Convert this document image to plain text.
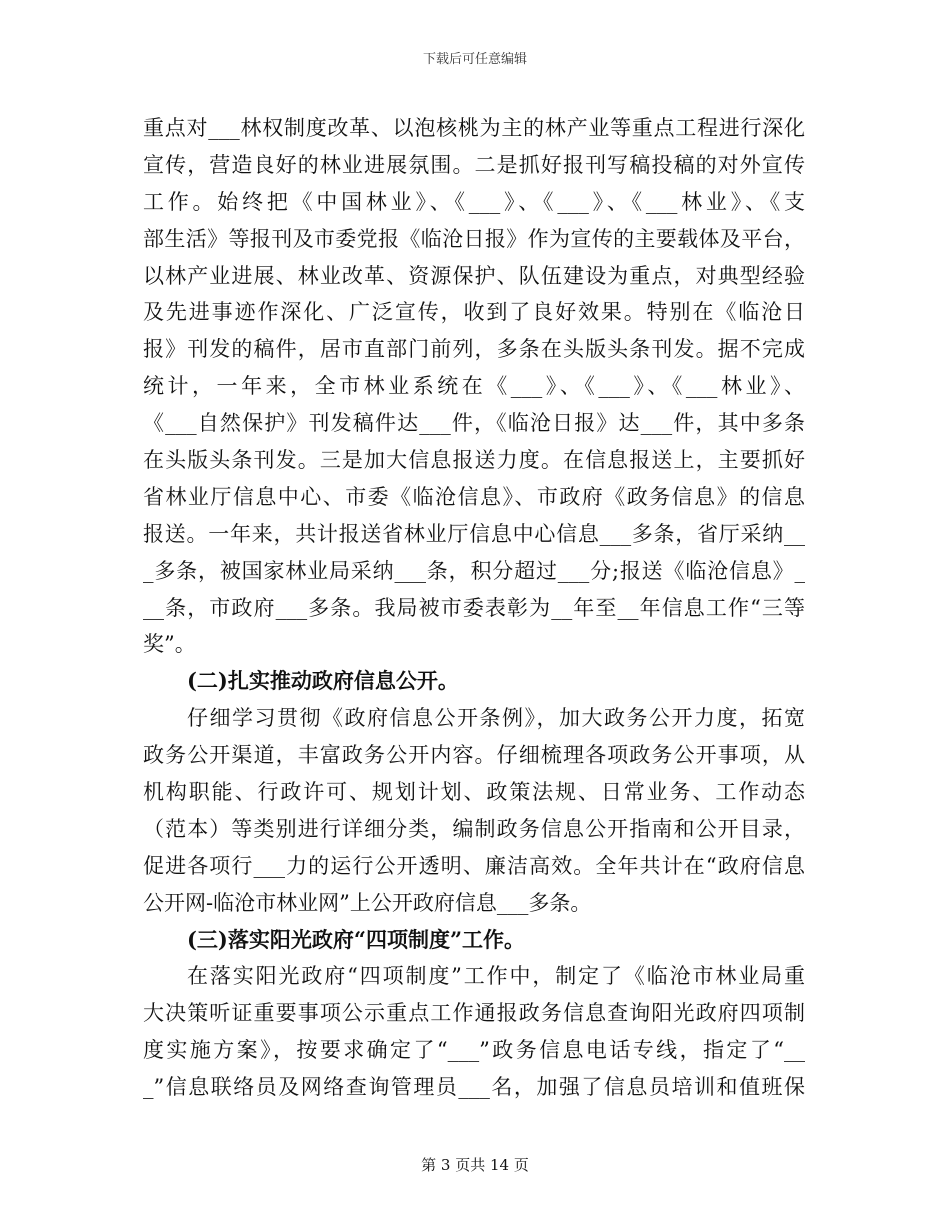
下载后可任意编辑
重点对___林权制度改革、以泡核桃为主的林产业等重点工程进行深化
宣传，营造良好的林业进展氛围。二是抓好报刊写稿投稿的对外宣传
工作。始终把《中国林业》、《___》、《___》、《___林业》、《支
部生活》等报刊及市委党报《临沧日报》作为宣传的主要载体及平台，
以林产业进展、林业改革、资源保护、队伍建设为重点，对典型经验
及先进事迹作深化、广泛宣传，收到了良好效果。特别在《临沧日
报》刊发的稿件，居市直部门前列，多条在头版头条刊发。据不完成
统计，一年来，全市林业系统在《___》、《___》、《___林业》、
《___自然保护》刊发稿件达___件，《临沧日报》达___件，其中多条
在头版头条刊发。三是加大信息报送力度。在信息报送上，主要抓好
省林业厅信息中心、市委《临沧信息》、市政府《政务信息》的信息
报送。一年来，共计报送省林业厅信息中心信息___多条，省厅采纳__
_多条，被国家林业局采纳___条，积分超过___分;报送《临沧信息》_
__条，市政府___多条。我局被市委表彰为__年至__年信息工作“三等
奖”。
(二)扎实推动政府信息公开。
仔细学习贯彻《政府信息公开条例》，加大政务公开力度，拓宽
政务公开渠道，丰富政务公开内容。仔细梳理各项政务公开事项，从
机构职能、行政许可、规划计划、政策法规、日常业务、工作动态
（范本）等类别进行详细分类，编制政务信息公开指南和公开目录，
促进各项行___力的运行公开透明、廉洁高效。全年共计在“政府信息
公开网-临沧市林业网”上公开政府信息___多条。
(三)落实阳光政府“四项制度”工作。
在落实阳光政府“四项制度”工作中，制定了《临沧市林业局重
大决策听证重要事项公示重点工作通报政务信息查询阳光政府四项制
度实施方案》，按要求确定了“___”政务信息电话专线，指定了“__
_”信息联络员及网络查询管理员___名，加强了信息员培训和值班保
第 3 页共 14 页
